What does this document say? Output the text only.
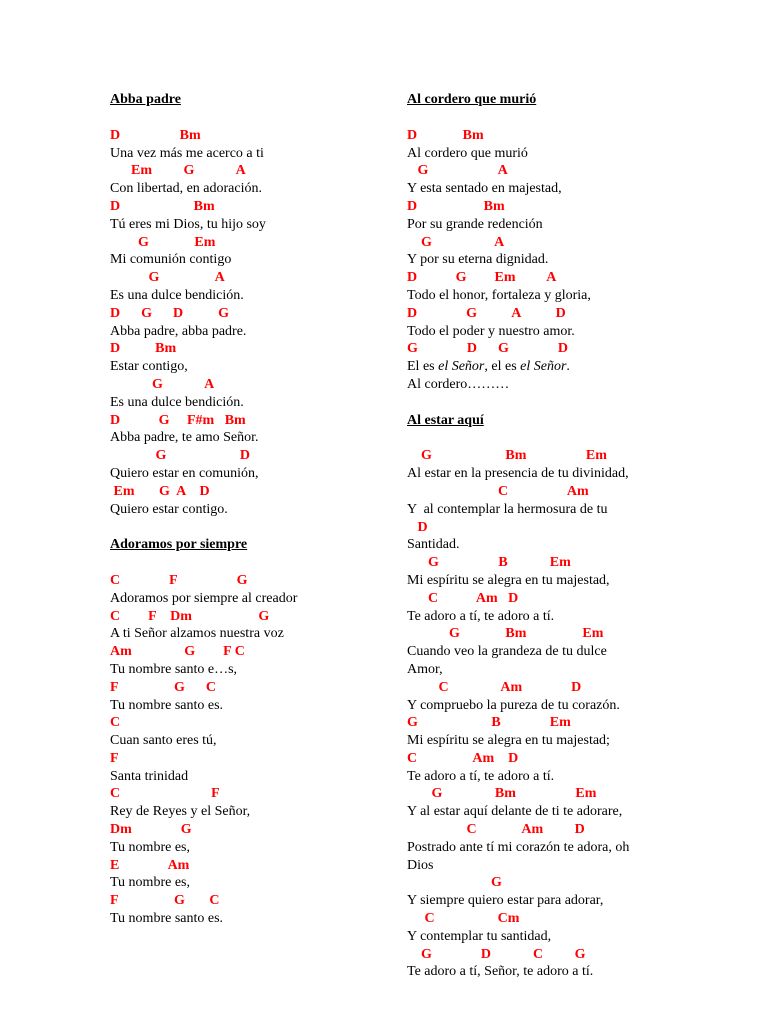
Abba padre
D                 Bm
Una vez más me acerco a ti
Em         G            A
Con libertad, en adoración.
D                     Bm
Tú eres mi Dios, tu hijo soy
G             Em
Mi comunión contigo
G                A
Es una dulce bendición.
D      G      D          G
Abba padre, abba padre.
D          Bm
Estar contigo,
G            A
Es una dulce bendición.
D           G     F#m   Bm
Abba padre, te amo Señor.
G                     D
Quiero estar en comunión,
Em       G  A    D
Quiero estar contigo.
Adoramos por siempre
C              F                 G
Adoramos por siempre al creador
C        F    Dm                   G
A ti Señor alzamos nuestra voz
Am               G        F C
Tu nombre santo e…s,
F                G      C
Tu nombre santo es.
C
Cuan santo eres tú,
F
Santa trinidad
C                          F
Rey de Reyes y el Señor,
Dm              G
Tu nombre es,
E              Am
Tu nombre es,
F                G       C
Tu nombre santo es.
Al cordero que murió
D             Bm
Al cordero que murió
G                    A
Y esta sentado en majestad,
D                   Bm
Por su grande redención
G                  A
Y por su eterna dignidad.
D           G        Em         A
Todo el honor, fortaleza y gloria,
D              G          A          D
Todo el poder y nuestro amor.
G              D      G              D
El es el Señor, el es el Señor.
Al cordero………
Al estar aquí
G                     Bm                 Em
Al estar en la presencia de tu divinidad,
C                 Am
Y  al contemplar la hermosura de tu
D
Santidad.
G                 B            Em
Mi espíritu se alegra en tu majestad,
C           Am   D
Te adoro a tí, te adoro a tí.
G             Bm                Em
Cuando veo la grandeza de tu dulce
Amor,
C               Am              D
Y compruebo la pureza de tu corazón.
G                     B              Em
Mi espíritu se alegra en tu majestad;
C                Am    D
Te adoro a tí, te adoro a tí.
G               Bm                 Em
Y al estar aquí delante de ti te adorare,
C             Am         D
Postrado ante tí mi corazón te adora, oh
Dios
G
Y siempre quiero estar para adorar,
C                  Cm
Y contemplar tu santidad,
G              D            C         G
Te adoro a tí, Señor, te adoro a tí.
